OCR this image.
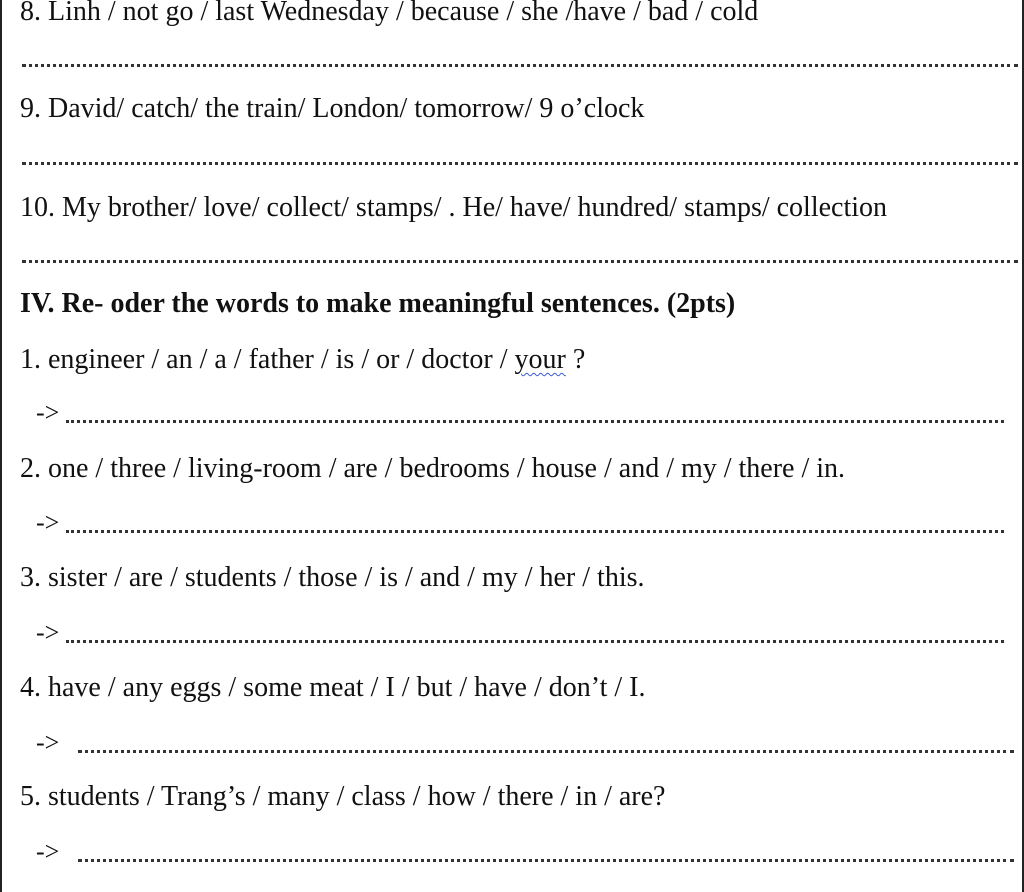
8. Linh / not go / last Wednesday / because / she /have / bad / cold
9. David/ catch/ the train/ London/ tomorrow/ 9 o’clock
10. My brother/ love/ collect/ stamps/ . He/ have/ hundred/ stamps/ collection
IV. Re- oder the words to make meaningful sentences. (2pts)
1. engineer / an / a / father / is / or / doctor / your ?
->
2. one / three / living-room / are / bedrooms / house / and / my / there / in.
->
3. sister / are / students / those / is / and / my / her / this.
->
4. have / any eggs / some meat / I / but / have / don’t / I.
->
5. students / Trang’s / many / class / how / there / in / are?
->
